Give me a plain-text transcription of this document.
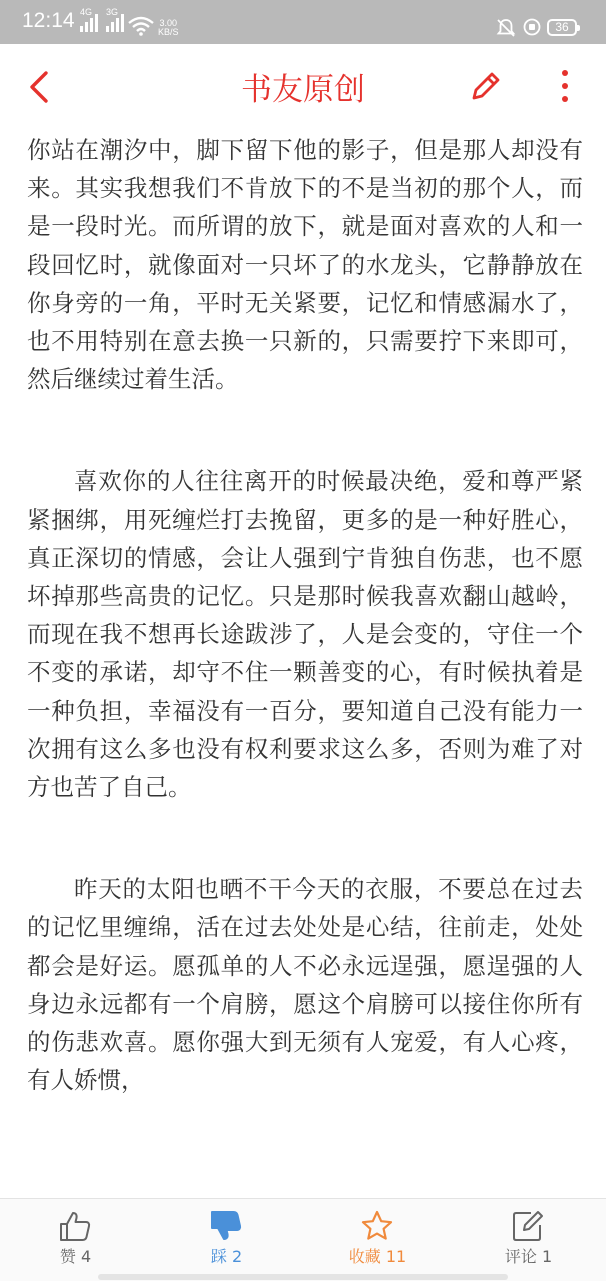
12:14 4G 3G
3.00
KB/S	36
书友原创

你站在潮汐中，脚下留下他的影子，但是那人却没有来。其实我想我们不肯放下的不是当初的那个人，而是一段时光。而所谓的放下，就是面对喜欢的人和一段回忆时，就像面对一只坏了的水龙头，它静静放在你身旁的一角，平时无关紧要，记忆和情感漏水了，也不用特别在意去换一只新的，只需要拧下来即可，然后继续过着生活。

喜欢你的人往往离开的时候最决绝，爱和尊严紧紧捆绑，用死缠烂打去挽留，更多的是一种好胜心，真正深切的情感，会让人强到宁肯独自伤悲，也不愿坏掉那些高贵的记忆。只是那时候我喜欢翻山越岭，而现在我不想再长途跋涉了，人是会变的，守住一个不变的承诺，却守不住一颗善变的心，有时候执着是一种负担，幸福没有一百分，要知道自己没有能力一次拥有这么多也没有权利要求这么多，否则为难了对方也苦了自己。

昨天的太阳也晒不干今天的衣服，不要总在过去的记忆里缠绵，活在过去处处是心结，往前走，处处都会是好运。愿孤单的人不必永远逞强，愿逞强的人身边永远都有一个肩膀，愿这个肩膀可以接住你所有的伤悲欢喜。愿你强大到无须有人宠爱，有人心疼，有人娇惯，

赞 4	踩 2	收藏 11	评论 1
